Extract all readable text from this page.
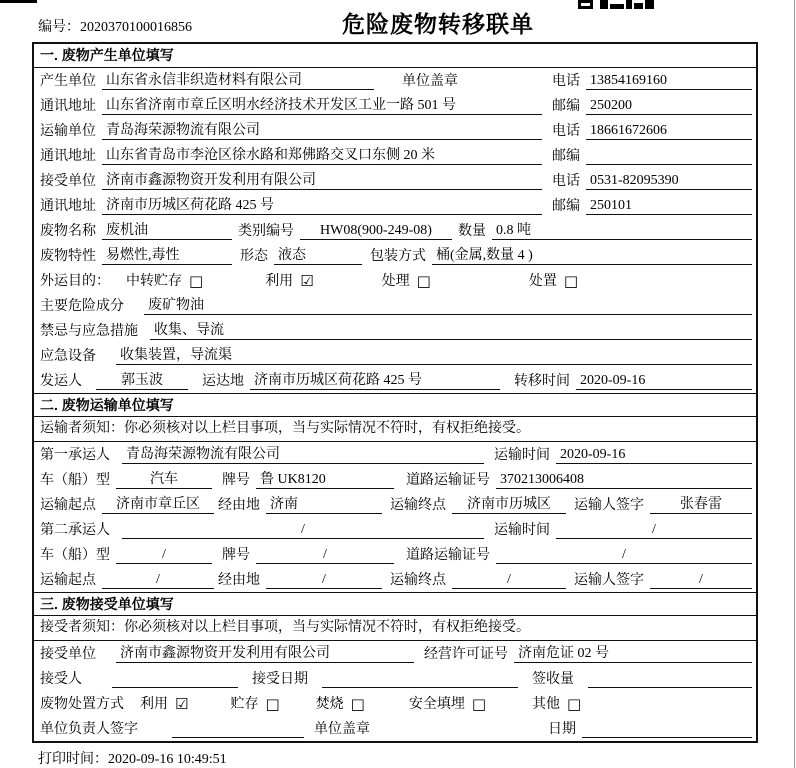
编号：2020370100016856	危险废物转移联单
一. 废物产生单位填写
产生单位 山东省永信非织造材料有限公司	单位盖章	电话 13854169160
通讯地址 山东省济南市章丘区明水经济技术开发区工业一路 501 号	邮编 250200
运输单位 青岛海荣源物流有限公司	电话 18661672606
通讯地址 山东省青岛市李沧区徐水路和郑佛路交叉口东侧 20 米	邮编
接受单位 济南市鑫源物资开发利用有限公司	电话 0531-82095390
通讯地址 济南市历城区荷花路 425 号	邮编 250101
废物名称 废机油	类别编号	HW08(900-249-08)	数量 0.8 吨
废物特性 易燃性,毒性	形态 液态	包装方式 桶(金属,数量 4 )
外运目的：	中转贮存 □	利用 ☑	处理 □	处置 □
主要危险成分	废矿物油
禁忌与应急措施	收集、导流
应急设备	收集装置，导流渠
发运人	郭玉波	运达地 济南市历城区荷花路 425 号	转移时间 2020-09-16
二. 废物运输单位填写
运输者须知：你必须核对以上栏目事项，当与实际情况不符时，有权拒绝接受。
第一承运人	青岛海荣源物流有限公司	运输时间 2020-09-16
车（船）型	汽车	牌号 鲁 UK8120	道路运输证号 370213006408
运输起点	济南市章丘区	经由地 济南	运输终点	济南市历城区	运输人签字	张春雷
第二承运人	/	运输时间	/
车（船）型	/	牌号	/	道路运输证号	/
运输起点	/	经由地	/	运输终点	/	运输人签字	/
三. 废物接受单位填写
接受者须知：你必须核对以上栏目事项，当与实际情况不符时，有权拒绝接受。
接受单位	济南市鑫源物资开发利用有限公司	经营许可证号 济南危证 02 号
接受人	接受日期	签收量
废物处置方式	利用 ☑	贮存 □	焚烧 □	安全填埋 □	其他 □
单位负责人签字	单位盖章	日期
打印时间：2020-09-16 10:49:51
